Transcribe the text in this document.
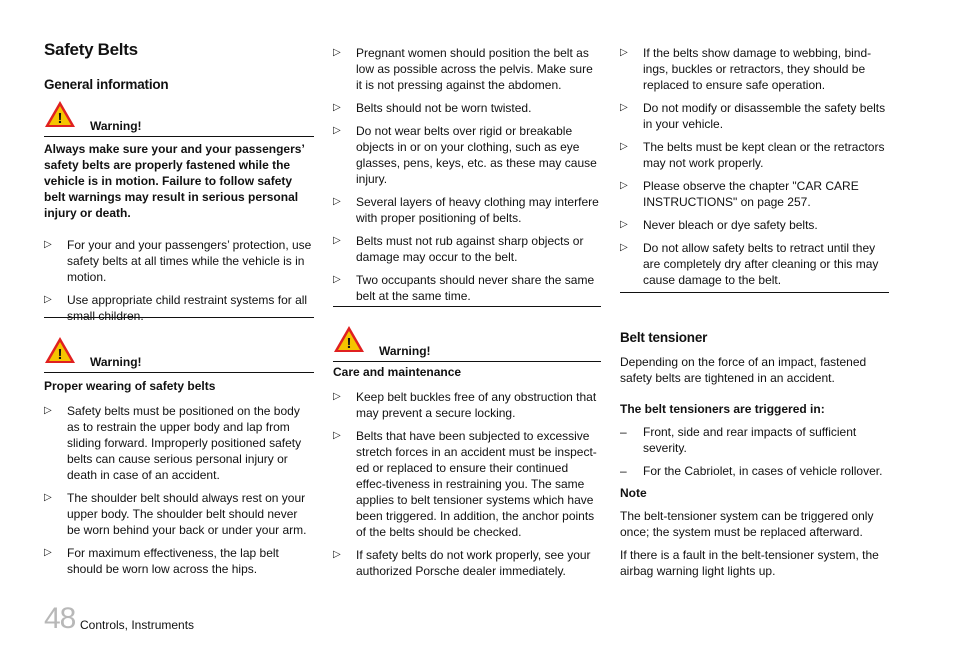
Safety Belts
General information
! Warning!
Always make sure your and your passengers’ safety belts are properly fastened while the vehicle is in motion. Failure to follow safety belt warnings may result in serious personal injury or death.
▷ For your and your passengers’ protection, use safety belts at all times while the vehicle is in motion.
▷ Use appropriate child restraint systems for all small children.
! Warning!
Proper wearing of safety belts
▷ Safety belts must be positioned on the body as to restrain the upper body and lap from sliding forward. Improperly positioned safety belts can cause serious personal injury or death in case of an accident.
▷ The shoulder belt should always rest on your upper body. The shoulder belt should never be worn behind your back or under your arm.
▷ For maximum effectiveness, the lap belt should be worn low across the hips.
▷ Pregnant women should position the belt as low as possible across the pelvis. Make sure it is not pressing against the abdomen.
▷ Belts should not be worn twisted.
▷ Do not wear belts over rigid or breakable objects in or on your clothing, such as eye glasses, pens, keys, etc. as these may cause injury.
▷ Several layers of heavy clothing may interfere with proper positioning of belts.
▷ Belts must not rub against sharp objects or damage may occur to the belt.
▷ Two occupants should never share the same belt at the same time.
! Warning!
Care and maintenance
▷ Keep belt buckles free of any obstruction that may prevent a secure locking.
▷ Belts that have been subjected to excessive stretch forces in an accident must be inspect-ed or replaced to ensure their continued effec-tiveness in restraining you. The same applies to belt tensioner systems which have been triggered. In addition, the anchor points of the belts should be checked.
▷ If safety belts do not work properly, see your authorized Porsche dealer immediately.
▷ If the belts show damage to webbing, bind-ings, buckles or retractors, they should be replaced to ensure safe operation.
▷ Do not modify or disassemble the safety belts in your vehicle.
▷ The belts must be kept clean or the retractors may not work properly.
▷ Please observe the chapter "CAR CARE INSTRUCTIONS" on page 257.
▷ Never bleach or dye safety belts.
▷ Do not allow safety belts to retract until they are completely dry after cleaning or this may cause damage to the belt.
Belt tensioner
Depending on the force of an impact, fastened safety belts are tightened in an accident.
The belt tensioners are triggered in:
– Front, side and rear impacts of sufficient severity.
– For the Cabriolet, in cases of vehicle rollover.
Note
The belt-tensioner system can be triggered only once; the system must be replaced afterward.
If there is a fault in the belt-tensioner system, the airbag warning light lights up.
48 Controls, Instruments
